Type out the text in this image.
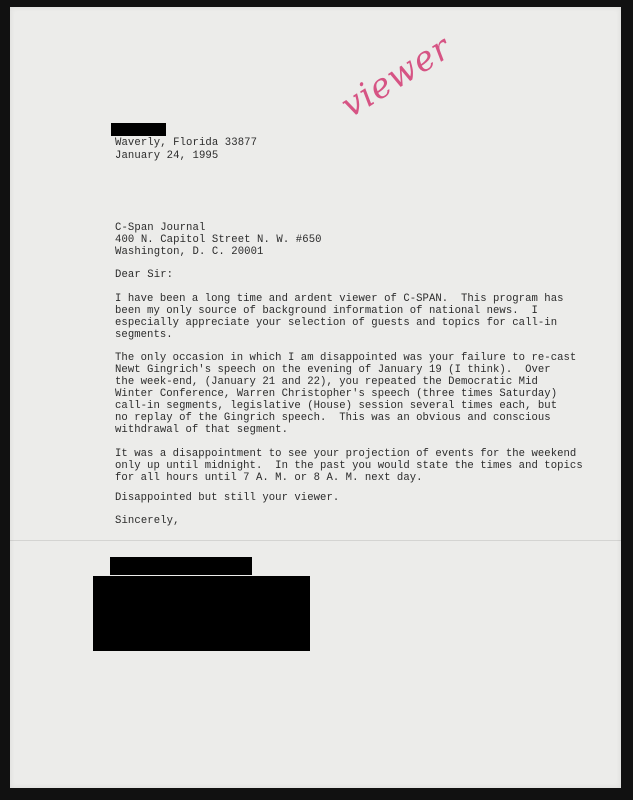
Waverly, Florida 33877
January 24, 1995
viewer
C-Span Journal
400 N. Capitol Street N. W. #650
Washington, D. C. 20001
Dear Sir:
I have been a long time and ardent viewer of C-SPAN.  This program has
been my only source of background information of national news.  I
especially appreciate your selection of guests and topics for call-in
segments.
The only occasion in which I am disappointed was your failure to re-cast
Newt Gingrich's speech on the evening of January 19 (I think).  Over
the week-end, (January 21 and 22), you repeated the Democratic Mid
Winter Conference, Warren Christopher's speech (three times Saturday)
call-in segments, legislative (House) session several times each, but
no replay of the Gingrich speech.  This was an obvious and conscious
withdrawal of that segment.
It was a disappointment to see your projection of events for the weekend
only up until midnight.  In the past you would state the times and topics
for all hours until 7 A. M. or 8 A. M. next day.
Disappointed but still your viewer.
Sincerely,
